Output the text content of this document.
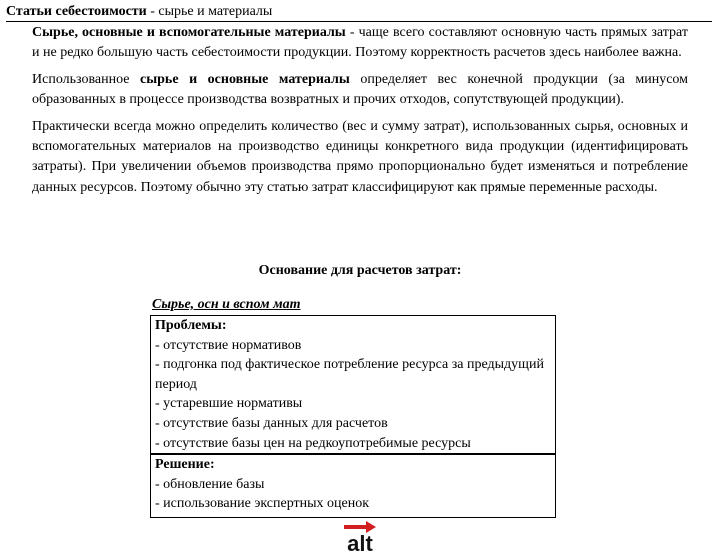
Статьи себестоимости - сырье и материалы

Сырье, основные и вспомогательные материалы - чаще всего составляют основную часть прямых затрат и не редко большую часть себестоимости продукции. Поэтому корректность расчетов здесь наиболее важна.

Использованное сырье и основные материалы определяет вес конечной продукции (за минусом образованных в процессе производства возвратных и прочих отходов, сопутствующей продукции).

Практически всегда можно определить количество (вес и сумму затрат), использованных сырья, основных и вспомогательных материалов на производство единицы конкретного вида продукции (идентифицировать затраты). При увеличении объемов производства прямо пропорционально будет изменяться и потребление данных ресурсов. Поэтому обычно эту статью затрат классифицируют как прямые переменные расходы.

Основание для расчетов затрат:
Сырье, осн и вспом мат
Проблемы:
- отсутствие нормативов
- подгонка под фактическое потребление ресурса за предыдущий период
- устаревшие нормативы
- отсутствие базы данных для расчетов
- отсутствие базы цен на редкоупотребимые ресурсы
Решение:
- обновление базы
- использование экспертных оценок
alt
